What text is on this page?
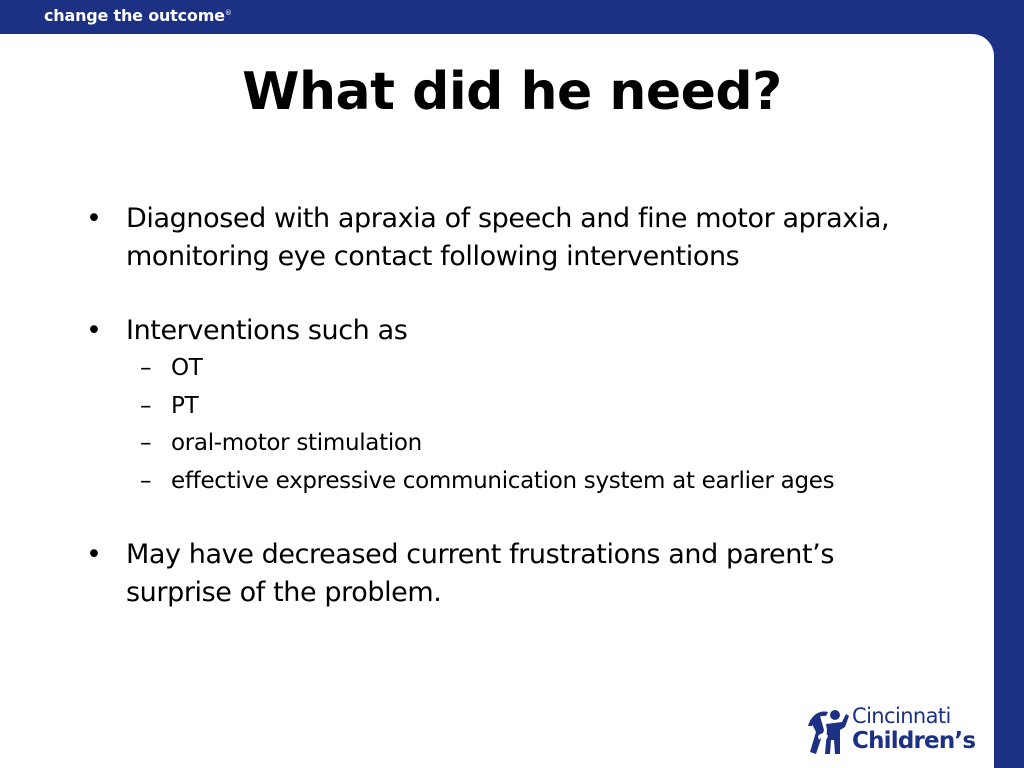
change the outcome®
What did he need?
• Diagnosed with apraxia of speech and fine motor apraxia, monitoring eye contact following interventions
• Interventions such as
– OT
– PT
– oral-motor stimulation
– effective expressive communication system at earlier ages
• May have decreased current frustrations and parent’s surprise of the problem.
Cincinnati
Children’s
